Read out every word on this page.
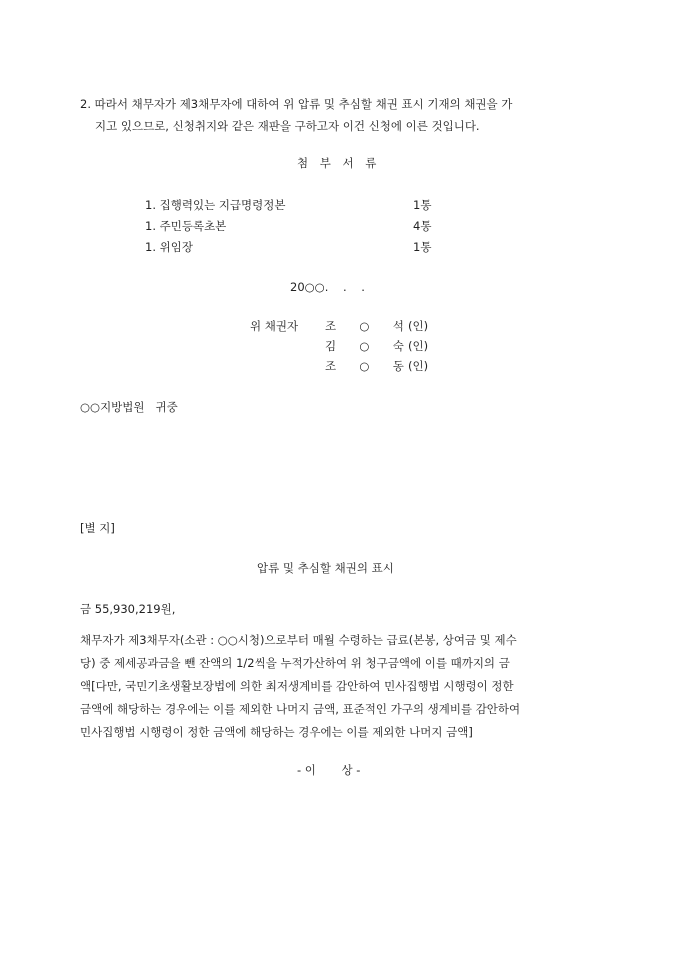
2. 따라서 채무자가 제3채무자에 대하여 위 압류 및 추심할 채권 표시 기재의 채권을 가
지고 있으므로, 신청취지와 같은 재판을 구하고자 이건 신청에 이른 것입니다.
첨 부 서 류
1. 집행력있는 지급명령정본	1통
1. 주민등록초본	4통
1. 위임장	1통
20○○.    .    .
위 채권자 조  ○  석 (인)
김  ○  숙 (인)
조  ○  동 (인)
○○지방법원   귀중
[별 지]
압류 및 추심할 채권의 표시
금 55,930,219원,
채무자가 제3채무자(소관 : ○○시청)으로부터 매월 수령하는 급료(본봉, 상여금 및 제수
당) 중 제세공과금을 뺀 잔액의 1/2씩을 누적가산하여 위 청구금액에 이를 때까지의 금
액[다만, 국민기초생활보장법에 의한 최저생계비를 감안하여 민사집행법 시행령이 정한
금액에 해당하는 경우에는 이를 제외한 나머지 금액, 표준적인 가구의 생계비를 감안하여
민사집행법 시행령이 정한 금액에 해당하는 경우에는 이를 제외한 나머지 금액]
- 이       상 -
